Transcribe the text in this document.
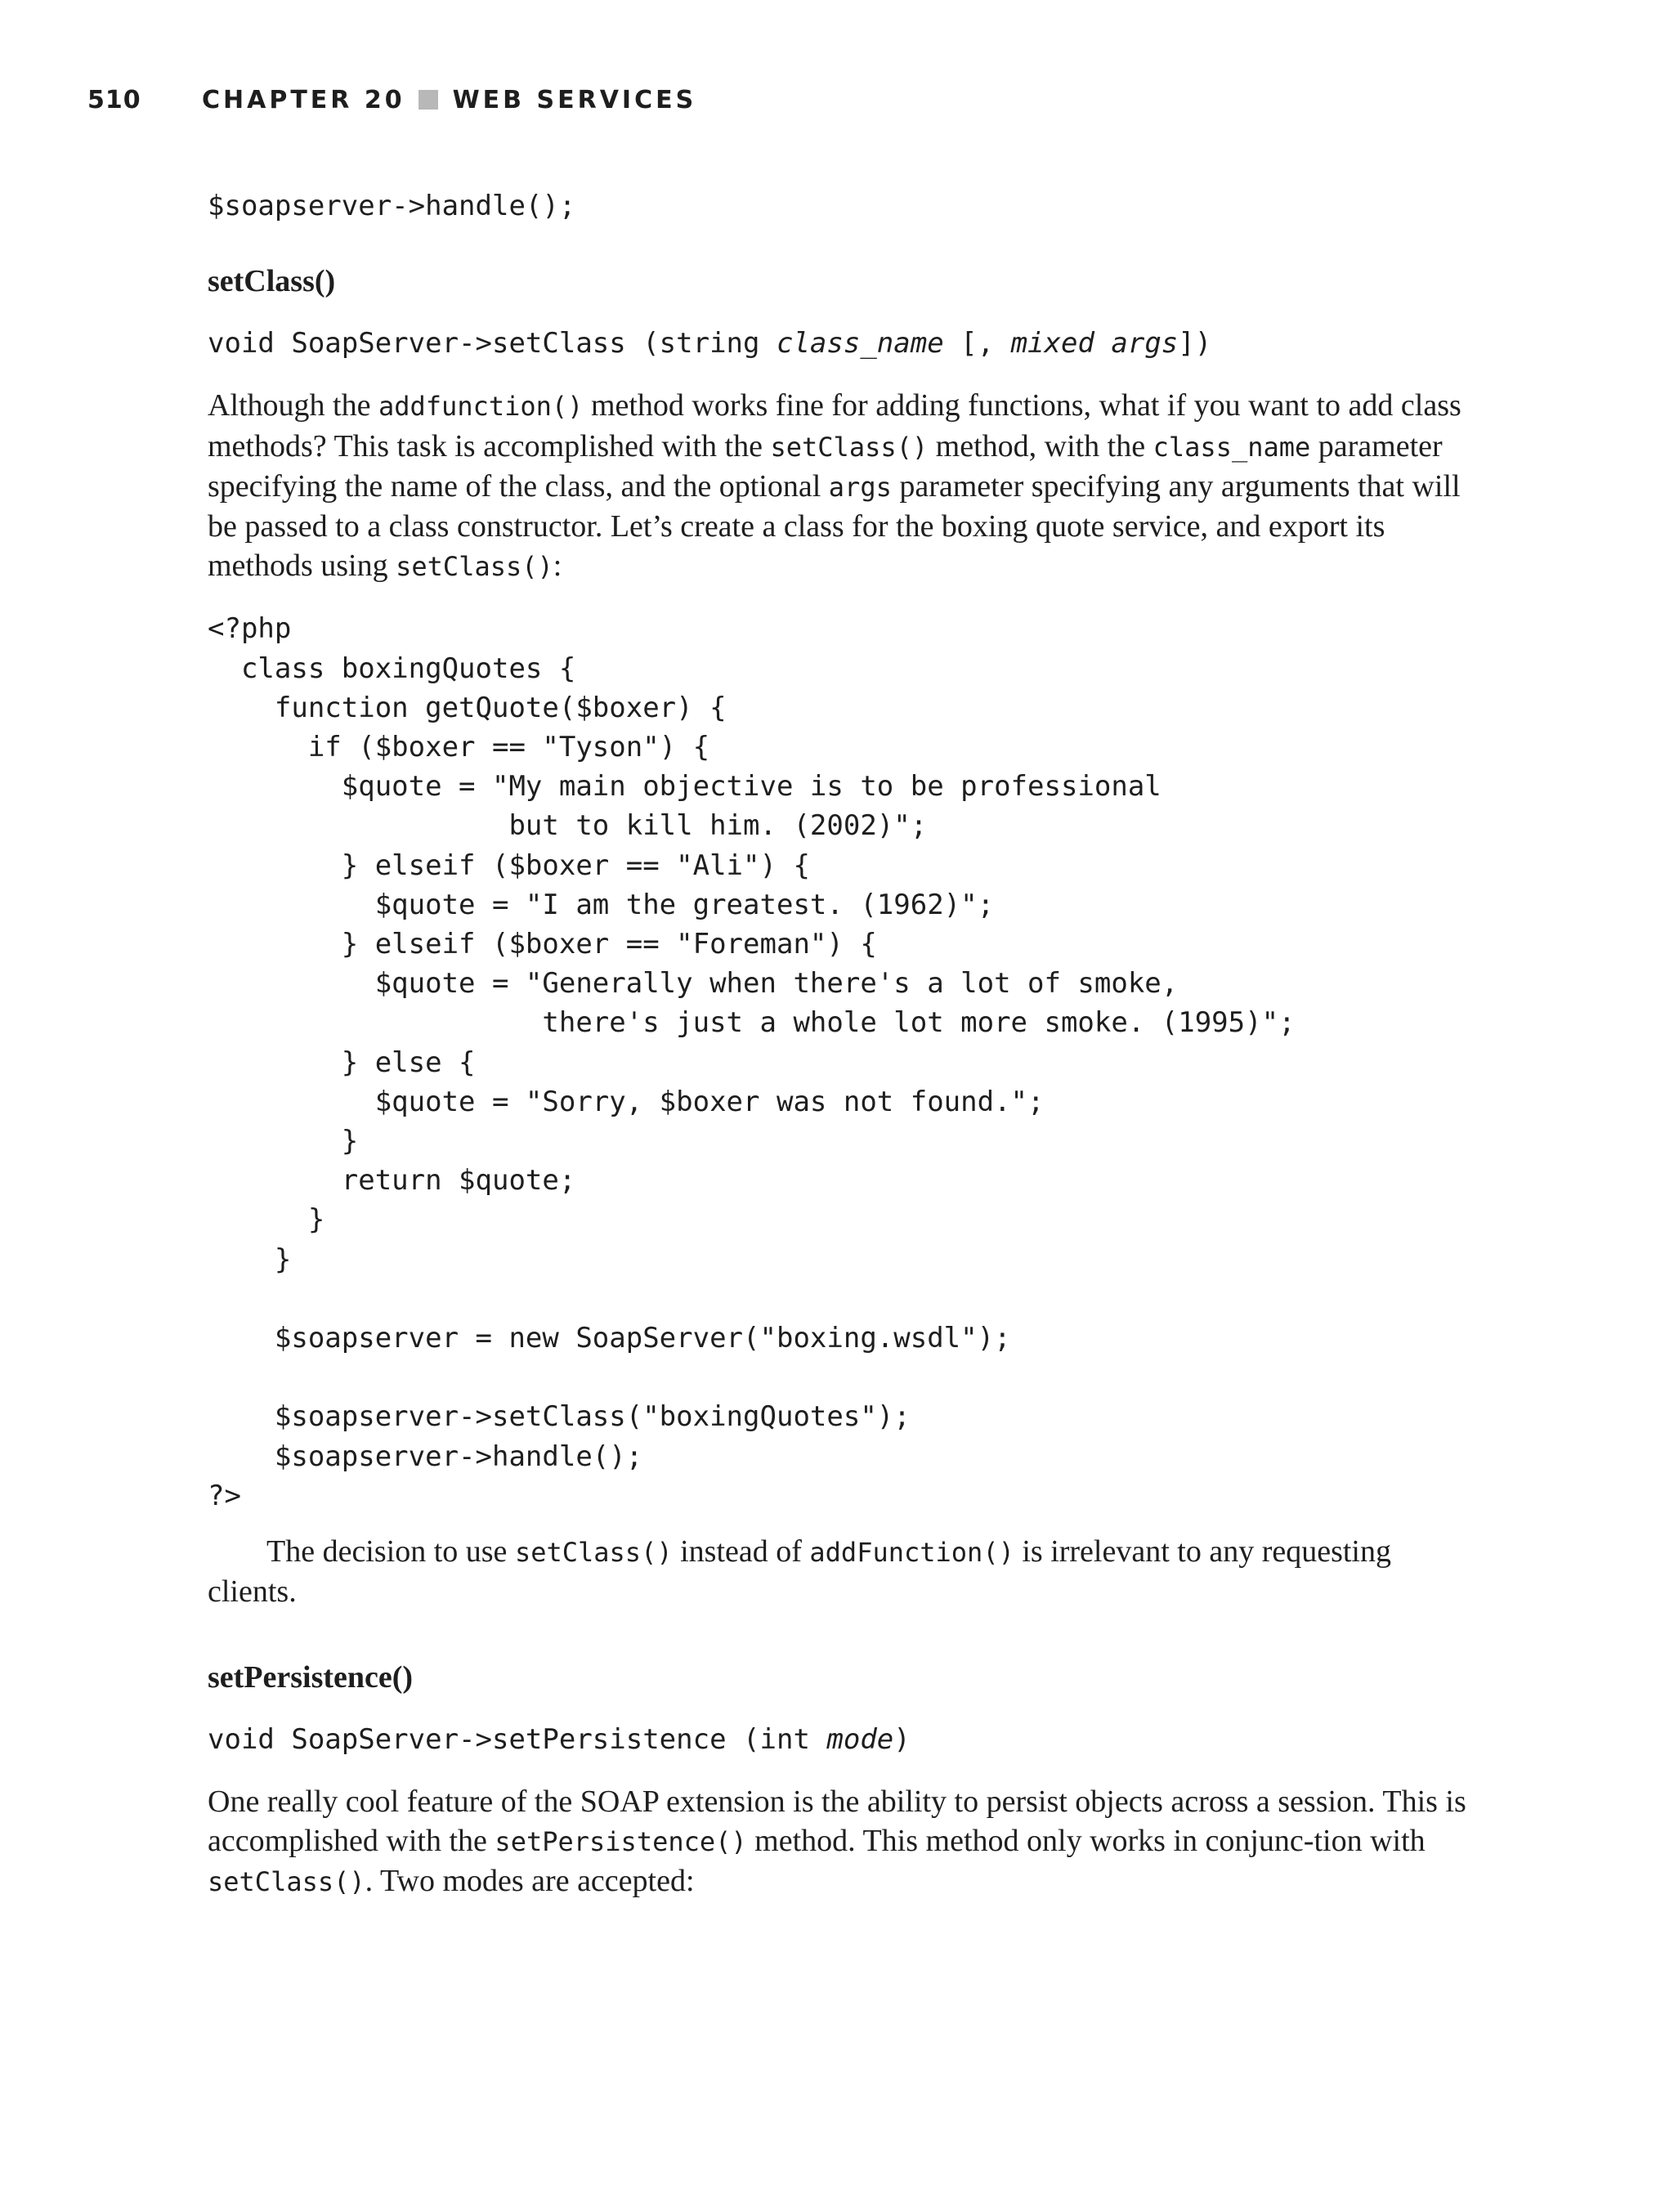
510	CHAPTER 20 WEB SERVICES
$soapserver->handle();
setClass()
void SoapServer->setClass (string class_name [, mixed args])

Although the addfunction() method works fine for adding functions, what if you want to add class methods? This task is accomplished with the setClass() method, with the class_name parameter specifying the name of the class, and the optional args parameter specifying any arguments that will be passed to a class constructor. Let’s create a class for the boxing quote service, and export its methods using setClass():

<?php
class boxingQuotes {
function getQuote($boxer) {
if ($boxer == "Tyson") {
$quote = "My main objective is to be professional
but to kill him. (2002)";
} elseif ($boxer == "Ali") {
$quote = "I am the greatest. (1962)";
} elseif ($boxer == "Foreman") {
$quote = "Generally when there's a lot of smoke,
there's just a whole lot more smoke. (1995)";
} else {
$quote = "Sorry, $boxer was not found.";
}
return $quote;
}
}

$soapserver = new SoapServer("boxing.wsdl");

$soapserver->setClass("boxingQuotes");
$soapserver->handle();
?>

The decision to use setClass() instead of addFunction() is irrelevant to any requesting clients.

setPersistence()
void SoapServer->setPersistence (int mode)

One really cool feature of the SOAP extension is the ability to persist objects across a session. This is accomplished with the setPersistence() method. This method only works in conjunc-tion with setClass(). Two modes are accepted:
